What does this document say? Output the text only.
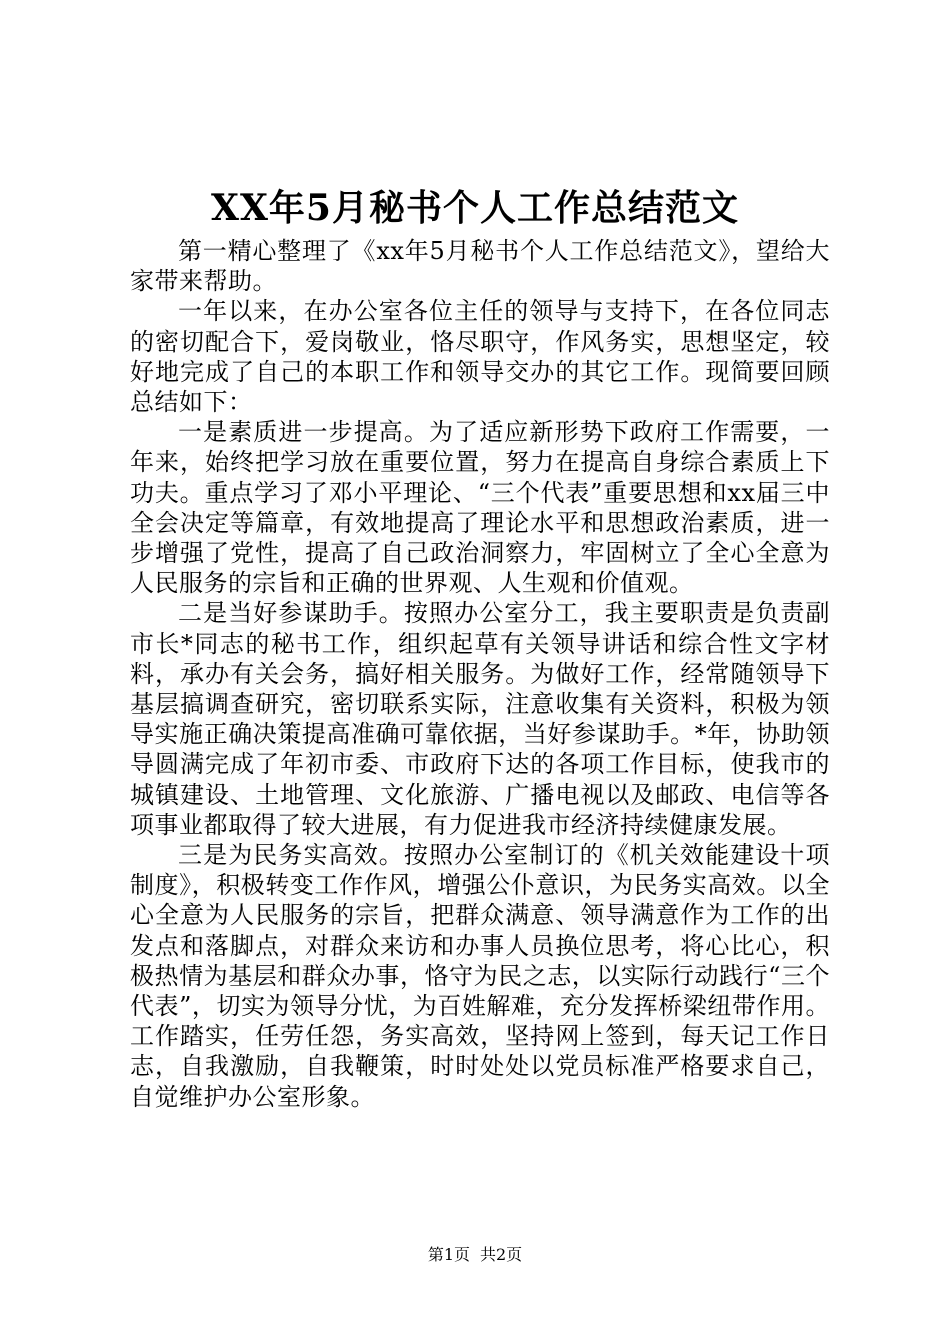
XX年5月秘书个人工作总结范文

第一精心整理了《xx年5月秘书个人工作总结范文》，望给大家带来帮助。

一年以来，在办公室各位主任的领导与支持下，在各位同志的密切配合下，爱岗敬业，恪尽职守，作风务实，思想坚定，较好地完成了自己的本职工作和领导交办的其它工作。现简要回顾总结如下：

一是素质进一步提高。为了适应新形势下政府工作需要，一年来，始终把学习放在重要位置，努力在提高自身综合素质上下功夫。重点学习了邓小平理论、“三个代表”重要思想和xx届三中全会决定等篇章，有效地提高了理论水平和思想政治素质，进一步增强了党性，提高了自己政治洞察力，牢固树立了全心全意为人民服务的宗旨和正确的世界观、人生观和价值观。

二是当好参谋助手。按照办公室分工，我主要职责是负责副市长*同志的秘书工作，组织起草有关领导讲话和综合性文字材料，承办有关会务，搞好相关服务。为做好工作，经常随领导下基层搞调查研究，密切联系实际，注意收集有关资料，积极为领导实施正确决策提高准确可靠依据，当好参谋助手。*年，协助领导圆满完成了年初市委、市政府下达的各项工作目标，使我市的城镇建设、土地管理、文化旅游、广播电视以及邮政、电信等各项事业都取得了较大进展，有力促进我市经济持续健康发展。

三是为民务实高效。按照办公室制订的《机关效能建设十项制度》，积极转变工作作风，增强公仆意识，为民务实高效。以全心全意为人民服务的宗旨，把群众满意、领导满意作为工作的出发点和落脚点，对群众来访和办事人员换位思考，将心比心，积极热情为基层和群众办事，恪守为民之志，以实际行动践行“三个代表”，切实为领导分忧，为百姓解难，充分发挥桥梁纽带作用。工作踏实，任劳任怨，务实高效，坚持网上签到，每天记工作日志，自我激励，自我鞭策，时时处处以党员标准严格要求自己，自觉维护办公室形象。

第1页 共2页
